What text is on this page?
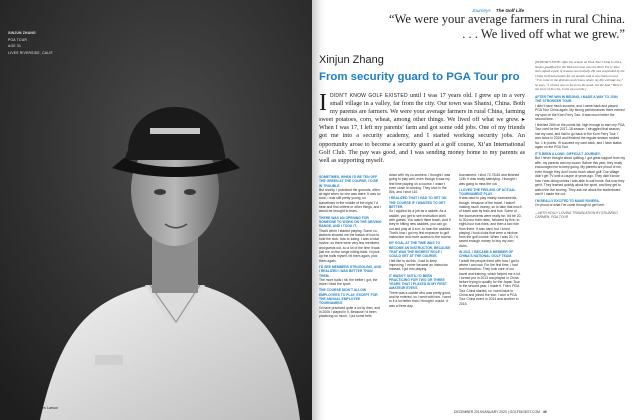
XINJUN ZHANG
PGA TOUR
AGE 31
LIVES RIVERSIDE, CALIF.
Photograph by Jensen Larson
Journeys The Golf Life
“We were your average farmers in rural China.
. . . We lived off what we grew.”
Xinjun Zhang
From security guard to PGA Tour pro
IDIDN’T KNOW GOLF EXISTED until I was 17 years old. I grew up in a very small village in a valley, far from the city. Our town was Shanxi, China. Both my parents are farmers. We were your average farmers in rural China, farming sweet potatoes, corn, wheat, among other things. We lived off what we grew. ▸ When I was 17, I left my parents’ farm and got some odd jobs. One of my friends got me into a security academy, and I started working security jobs. An opportunity arose to become a security guard at a golf course, Xi’an International Golf Club. The pay was good, and I was sending money home to my parents as well as supporting myself.

SOMETIMES, WHEN I’D BE TEN OFF THE GREEN AT THE COURSE, I’D BE IN TROUBLE.

But shortly, I practiced the grounds, often at night when no one was there. It was so rural, I was still pretty young, so sometimes in the middle of the night, I’d hear and find critters or other things, and I would be brought to tears.

THERE WAS AN OPENING FOR SOMEONE TO WORK ON THE DRIVING RANGE, AND I TOOK IT.

That’s when I started playing. Some co-workers showed me the basics of how to hold the club, how to swing. I was a total novice; so there were very few members and guests out, so a lot of the time it was just me on the range hitting balls. I’d pick up the balls myself, hit them again, pick them again.

I’D SEE MEMBERS STRUGGLING, AND I REALIZED I WAS BETTER THAN THEM.

The more balls I hit, the better I got, the more I liked the sport.

THE COURSE DIDN’T ALLOW EMPLOYEES TO PLAY, EXCEPT FOR THE ANNUAL EMPLOYEE TOURNAMENT.

I’d have practiced quite a lot by then, and in 2006 I played in it. Because I’d been practicing so much, I put some bets

down with my co-workers. I thought I was going to play well, even though it was my first time playing on a course. I wasn’t even close to winning. They shot in the 80s, and I shot 110.

I REALIZED THAT I HAD TO GET ON THE COURSE IF I WANTED TO GET BETTER.

So I applied for a job as a caddie. As a caddie, you get to see instruction work with guests. You watch them teach. And if they’re hitting new caddies, you can go out and play at 4 a.m. to train the caddies. That’s how I got my first exposure to golf instruction and more access to the course.

MY GOAL AT THE TIME WAS TO BECOME AN INSTRUCTOR, BECAUSE THAT WAS THE HIGHEST ROLE I COULD GET AT THE COURSE.

I felt like to do this, I had to keep improving. I never became an instructor. Instead, I got into playing.

IT WASN’T UNTIL I’D BEEN PRACTICING FOR TWO OR THREE YEARS THAT I PLAYED IN MY FIRST AMATEUR EVENT.

There was a caddie who was pretty good, and he entered, so I went with him. I went to it a lot better than I thought I would. It was a three-day

tournament. I shot 72-78-84 and finished 12th. It was really satisfying. I thought I was going to miss the cut.

I LOVED THE FEELING OF ACTUAL TOURNAMENT PLAY.

It was hard to play mainly tournaments, though, because of the travel. I wasn’t making much money, so to take that much of travel was by train and bus. Some of the tournaments were really far. It’d be 20- to 30-hour train rides, followed by five- to eight-hour bus rides, and then a taxi ride from there. It was hard, but I loved playing. I took clubs that were a mixture from the golf course. When I was 20, I’d saved enough money to buy my own clubs.

IN 2011, I BECAME A MEMBER OF CHINA’S NATIONAL GOLF TEAM.

I credit the people there with how I got to where I am now. For the first time, I had real instruction. They took care of our travel and training, which helped me a lot. I turned pro in 2013 and played in China before trying to qualify for the Japan Tour. In the second year, I made it. Then, PGA Tour China started, so I went back to China and joined the tour. I won a PGA Tour China event in 2014 and another in 2016.

[EDITOR’S NOTE: After the season on PGA Tour China in 2014, Xinjun qualified for the Web.com tour, now the Korn Ferry Tour, then signed a pair of seasons successfully. He was suspended by the China Golf Association for six months and is now back on tour. “I’ve come to the decision and I know where my life will take me,” he says. “I choose now to focus on the good, not the bad.” Here is the story of his rise, in his own words.]

AFTER THE WIN IN BEIJING, I MADE A WAY TO JOIN THE STRONGER TOUR.

I didn’t have much success, and I came back and played PGA Tour China again. My strong performances there earned my spot on the Korn Ferry Tour. It was much better the second time.

I finished 26th on the points list, high enough to earn my PGA Tour card for the 2017–18 season. I struggled that season, lost my card, and had to go back to the Korn Ferry Tour. I won twice in 2019 and finished the regular season ranked No. 1 in points. I’ll succeed my card back, and I have status again on the PGA Tour.

IT’S BEEN A LONG, DIFFICULT JOURNEY.

But I never thought about quitting. I got great support from my wife, my parents and my coach. Before this year, they really encouraged me to keep going. My parents are proud of me, even though they don’t know much about golf. Our village didn’t get TV until a couple of years ago. They didn’t know how I was doing unless I was able to call home. But now they get it. They learned quickly about the sport, and they get to watch the live scoring. They ask me about the leaderboard and if I made the cut.

I’M REALLY EXCITED TO MAKE RIVIERA.

I’m proud of what I’ve come through to get here.

—WITH HOLLY LOVING TRANSLATION BY EDUARDO CARMEN, PGA TOUR

DECEMBER 2019/JANUARY 2020 | GOLFDIGEST.COM 49
